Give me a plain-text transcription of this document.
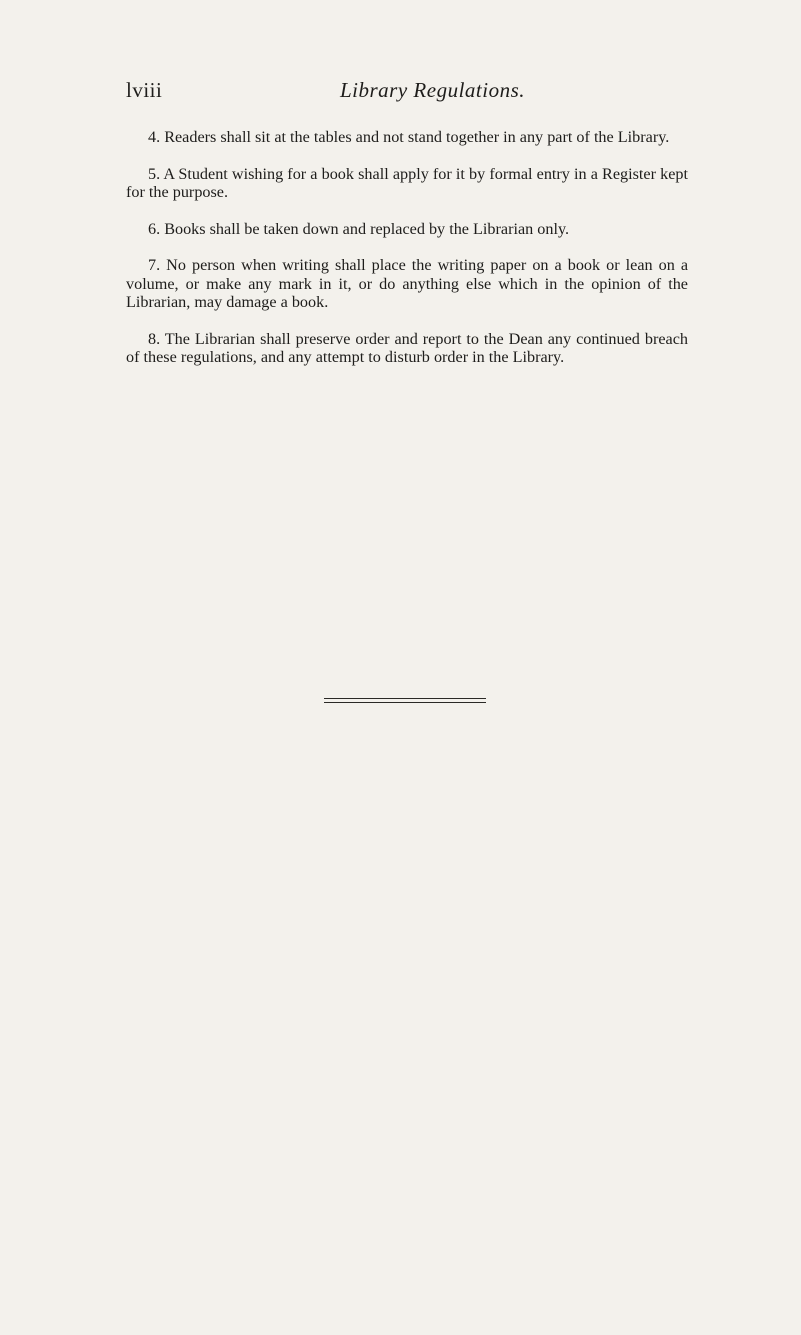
lviii	Library Regulations.

4. Readers shall sit at the tables and not stand together in any part of the Library.

5. A Student wishing for a book shall apply for it by formal entry in a Register kept for the purpose.

6. Books shall be taken down and replaced by the Librarian only.

7. No person when writing shall place the writing paper on a book or lean on a volume, or make any mark in it, or do anything else which in the opinion of the Librarian, may damage a book.

8. The Librarian shall preserve order and report to the Dean any continued breach of these regulations, and any attempt to disturb order in the Library.
